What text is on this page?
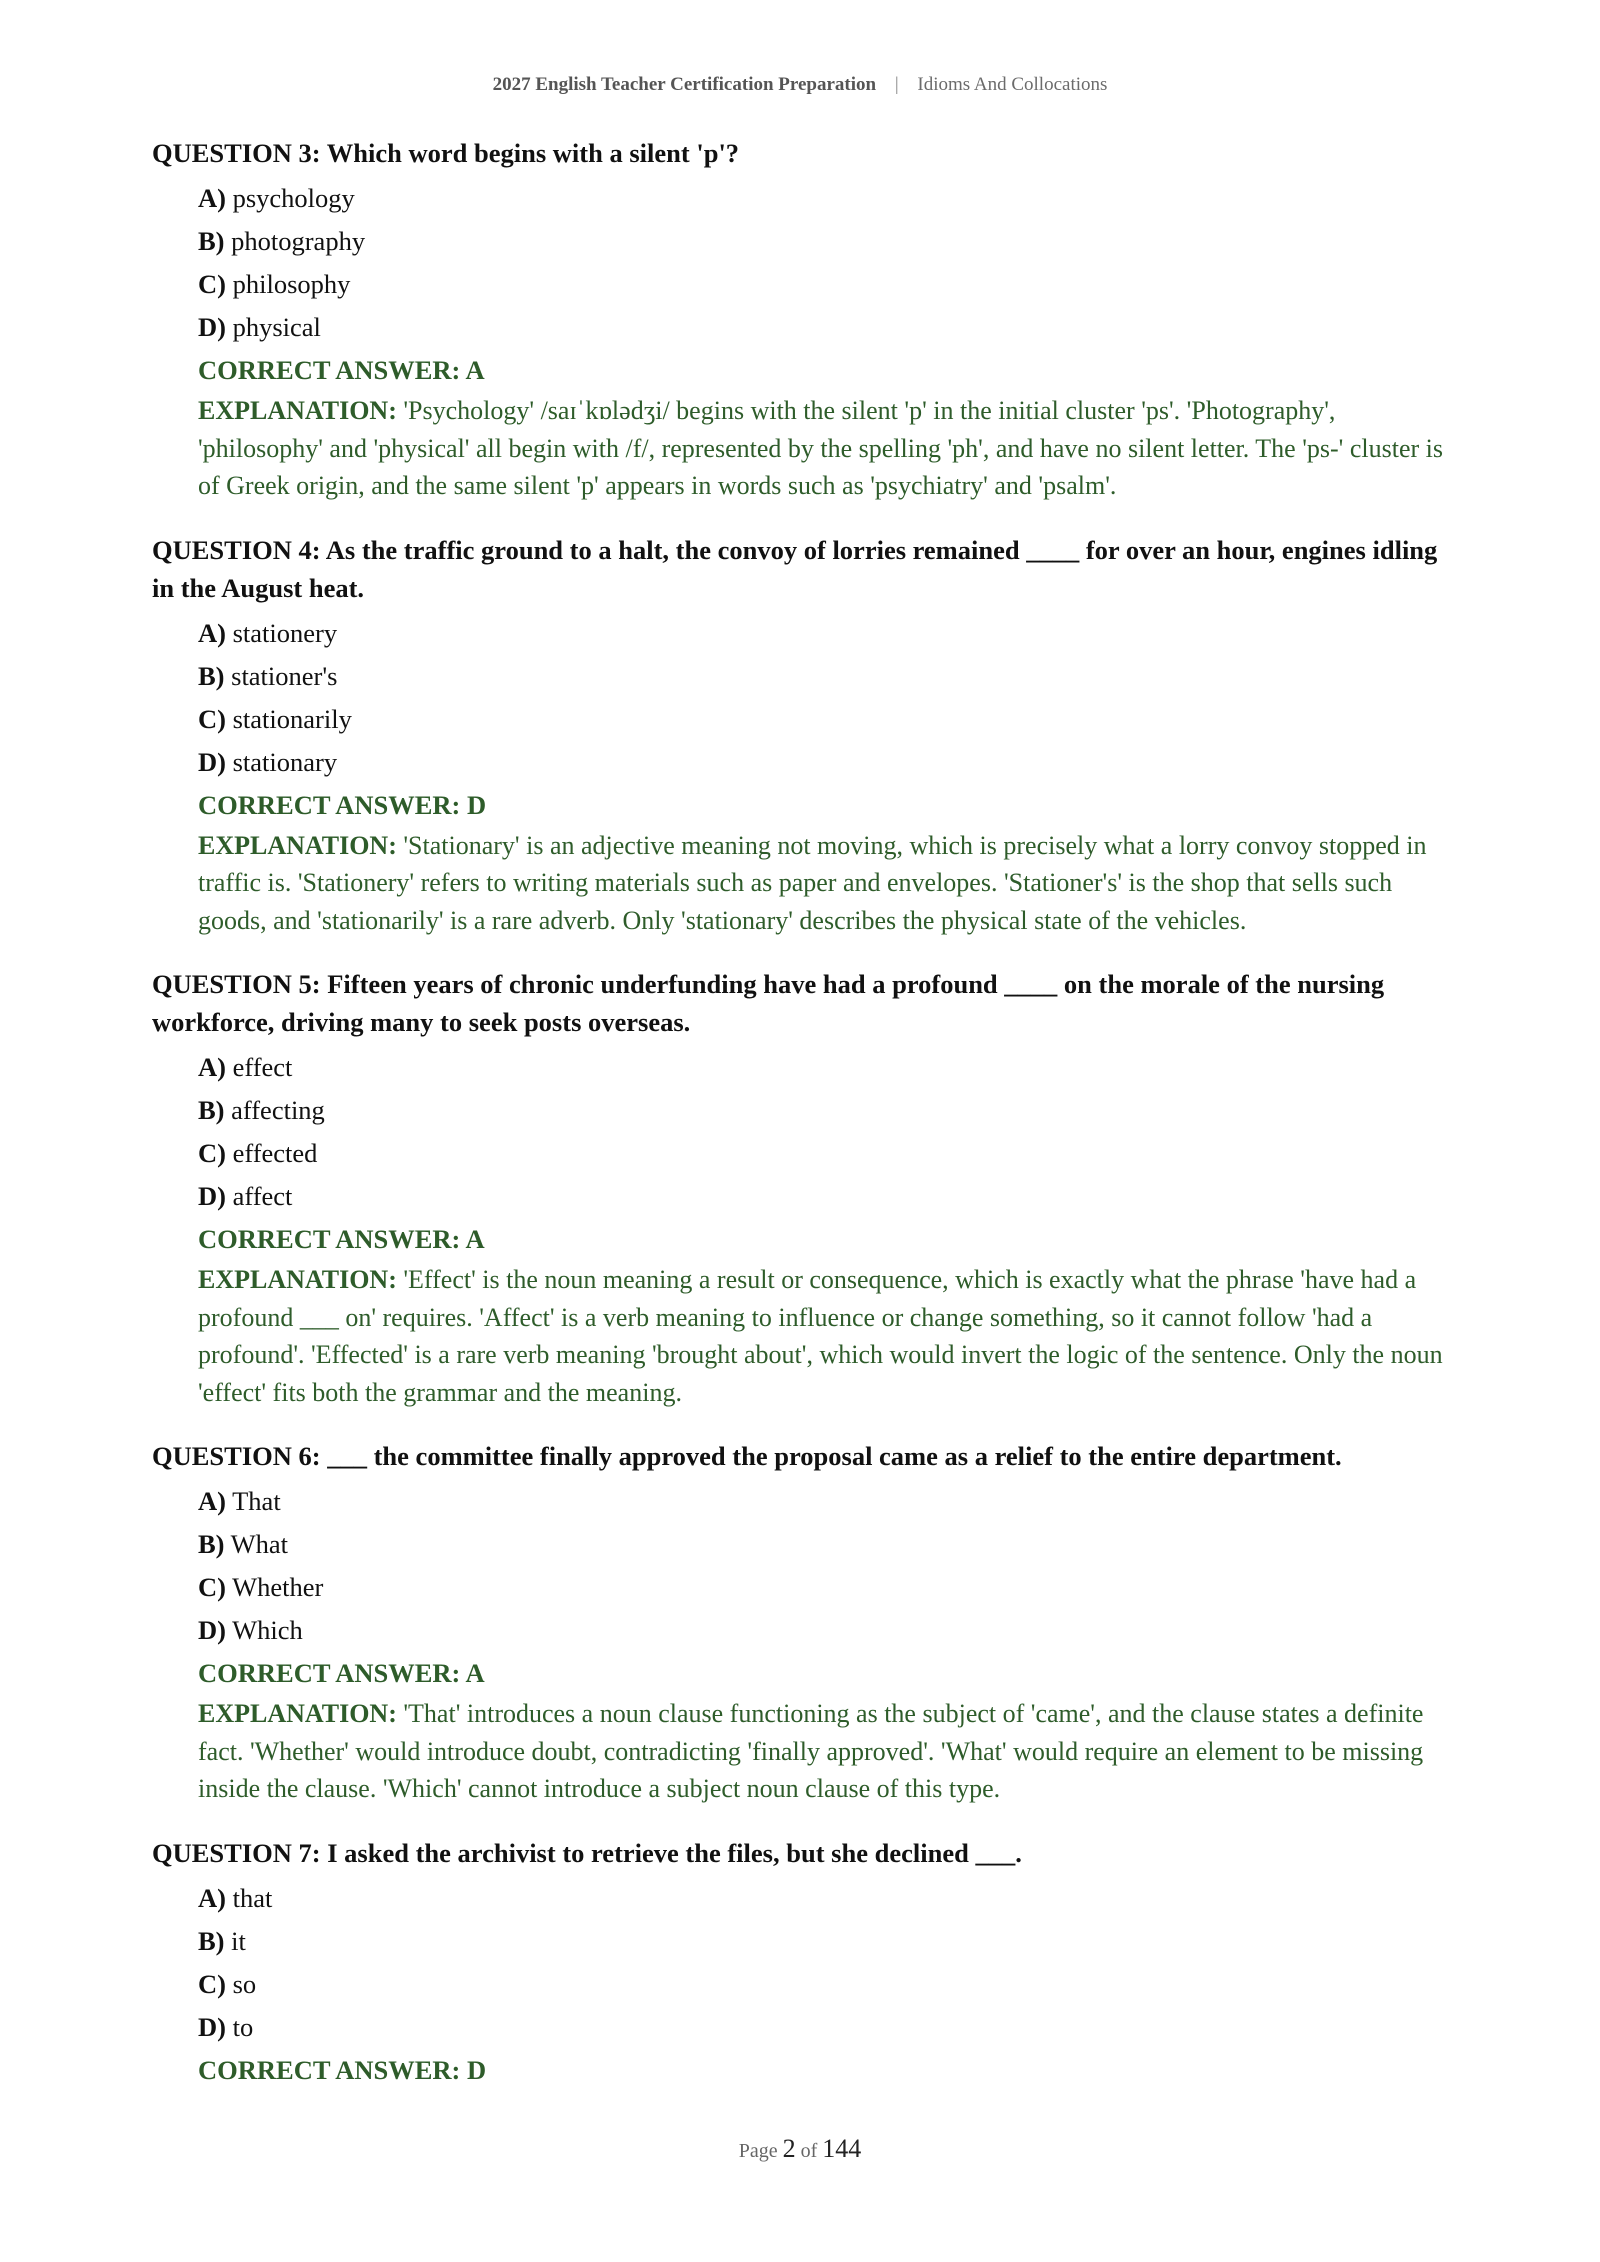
2027 English Teacher Certification Preparation | Idioms And Collocations
QUESTION 3: Which word begins with a silent 'p'?
A) psychology
B) photography
C) philosophy
D) physical
CORRECT ANSWER: A
EXPLANATION: 'Psychology' /saɪˈkɒlədʒi/ begins with the silent 'p' in the initial cluster 'ps'. 'Photography', 'philosophy' and 'physical' all begin with /f/, represented by the spelling 'ph', and have no silent letter. The 'ps-' cluster is of Greek origin, and the same silent 'p' appears in words such as 'psychiatry' and 'psalm'.
QUESTION 4: As the traffic ground to a halt, the convoy of lorries remained ____ for over an hour, engines idling in the August heat.
A) stationery
B) stationer's
C) stationarily
D) stationary
CORRECT ANSWER: D
EXPLANATION: 'Stationary' is an adjective meaning not moving, which is precisely what a lorry convoy stopped in traffic is. 'Stationery' refers to writing materials such as paper and envelopes. 'Stationer's' is the shop that sells such goods, and 'stationarily' is a rare adverb. Only 'stationary' describes the physical state of the vehicles.
QUESTION 5: Fifteen years of chronic underfunding have had a profound ____ on the morale of the nursing workforce, driving many to seek posts overseas.
A) effect
B) affecting
C) effected
D) affect
CORRECT ANSWER: A
EXPLANATION: 'Effect' is the noun meaning a result or consequence, which is exactly what the phrase 'have had a profound ___ on' requires. 'Affect' is a verb meaning to influence or change something, so it cannot follow 'had a profound'. 'Effected' is a rare verb meaning 'brought about', which would invert the logic of the sentence. Only the noun 'effect' fits both the grammar and the meaning.
QUESTION 6: ___ the committee finally approved the proposal came as a relief to the entire department.
A) That
B) What
C) Whether
D) Which
CORRECT ANSWER: A
EXPLANATION: 'That' introduces a noun clause functioning as the subject of 'came', and the clause states a definite fact. 'Whether' would introduce doubt, contradicting 'finally approved'. 'What' would require an element to be missing inside the clause. 'Which' cannot introduce a subject noun clause of this type.
QUESTION 7: I asked the archivist to retrieve the files, but she declined ___.
A) that
B) it
C) so
D) to
CORRECT ANSWER: D
Page 2 of 144
